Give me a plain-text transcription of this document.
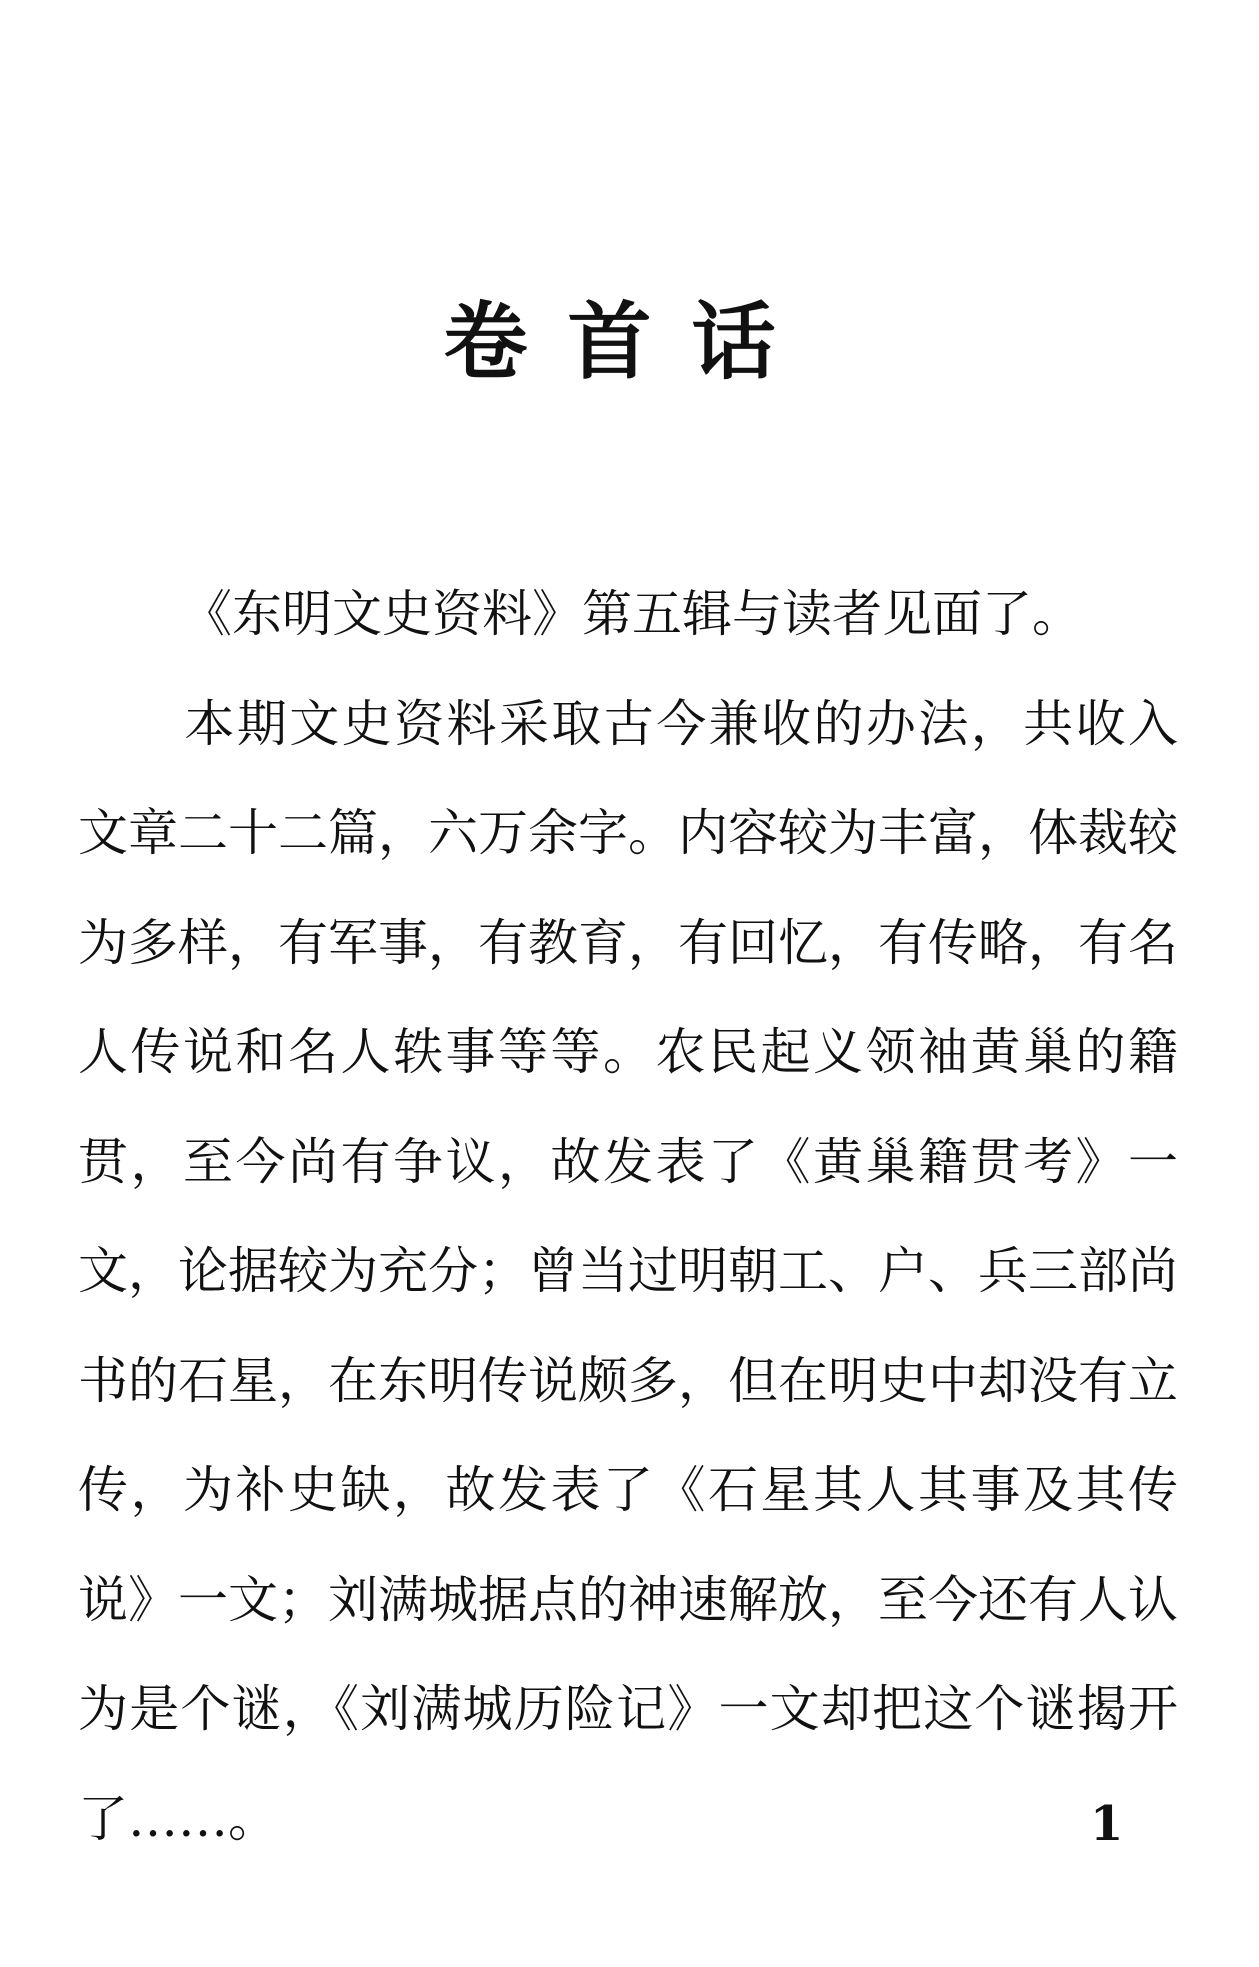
卷首话

《东明文史资料》第五辑与读者见面了。

本期文史资料采取古今兼收的办法，共收入文章二十二篇，六万余字。内容较为丰富，体裁较为多样，有军事，有教育，有回忆，有传略，有名人传说和名人轶事等等。农民起义领袖黄巢的籍贯，至今尚有争议，故发表了《黄巢籍贯考》一文，论据较为充分；曾当过明朝工、户、兵三部尚书的石星，在东明传说颇多，但在明史中却没有立传，为补史缺，故发表了《石星其人其事及其传说》一文；刘满城据点的神速解放，至今还有人认为是个谜，《刘满城历险记》一文却把这个谜揭开了……。	1
